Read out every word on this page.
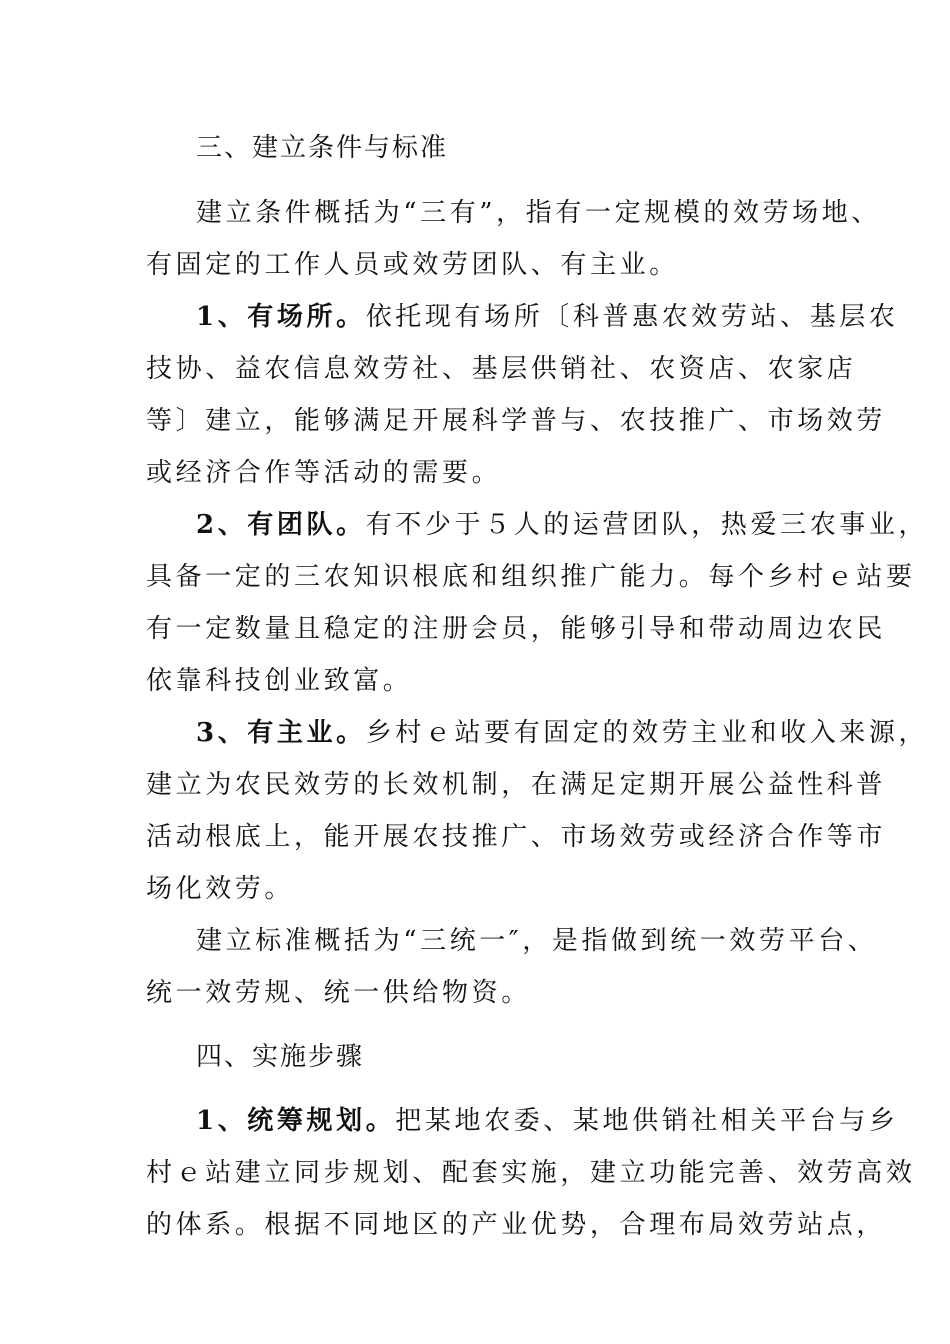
三、建立条件与标准
建立条件概括为“三有”，指有一定规模的效劳场地、
有固定的工作人员或效劳团队、有主业。
1、有场所。依托现有场所〔科普惠农效劳站、基层农
技协、益农信息效劳社、基层供销社、农资店、农家店
等〕建立，能够满足开展科学普与、农技推广、市场效劳
或经济合作等活动的需要。
2、有团队。有不少于５人的运营团队，热爱三农事业，
具备一定的三农知识根底和组织推广能力。每个乡村ｅ站要
有一定数量且稳定的注册会员，能够引导和带动周边农民
依靠科技创业致富。
3、有主业。乡村ｅ站要有固定的效劳主业和收入来源，
建立为农民效劳的长效机制，在满足定期开展公益性科普
活动根底上，能开展农技推广、市场效劳或经济合作等市
场化效劳。
建立标准概括为“三统一″，是指做到统一效劳平台、
统一效劳规、统一供给物资。
四、实施步骤
1、统筹规划。把某地农委、某地供销社相关平台与乡
村ｅ站建立同步规划、配套实施，建立功能完善、效劳高效
的体系。根据不同地区的产业优势，合理布局效劳站点，
